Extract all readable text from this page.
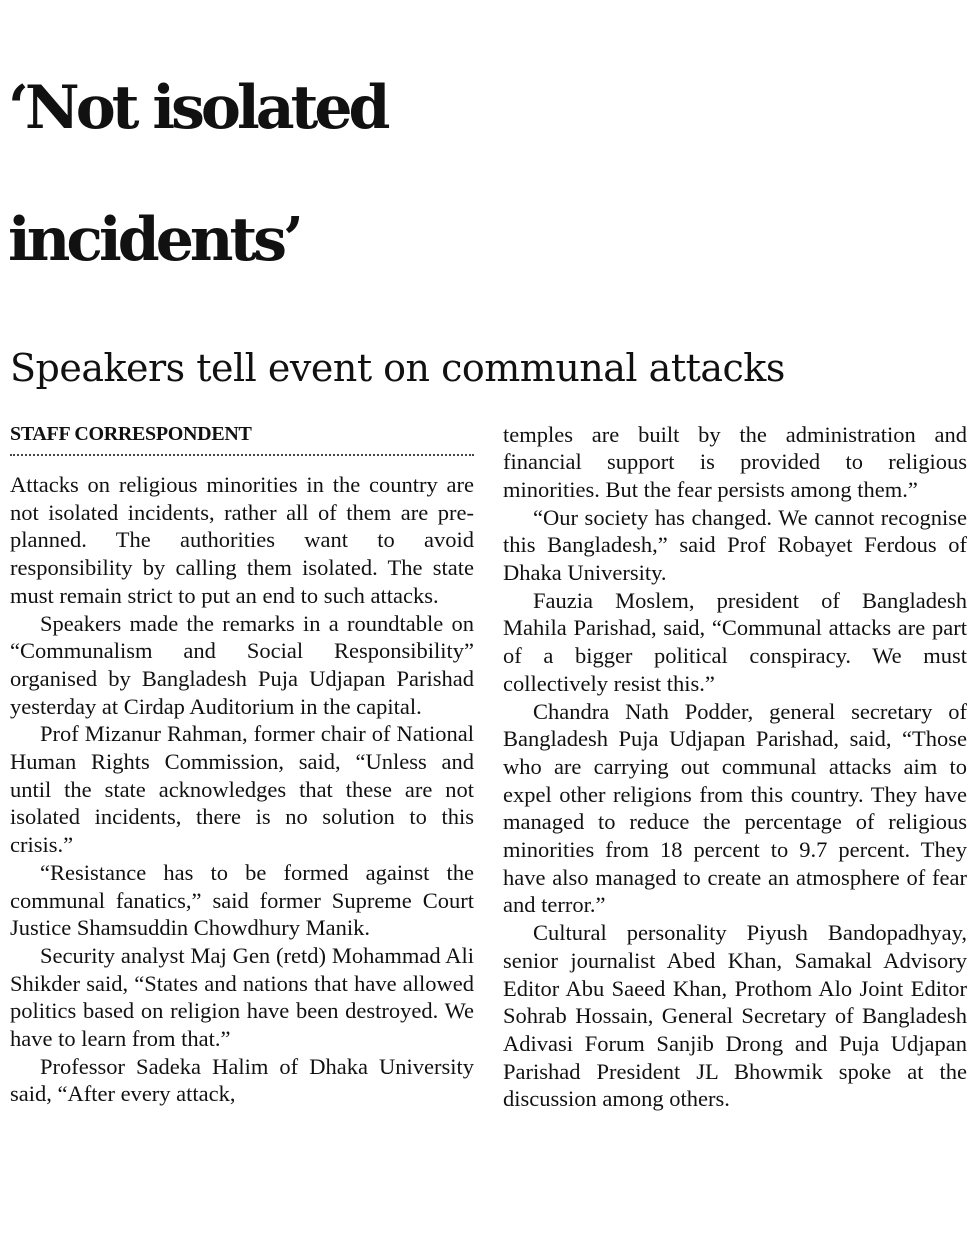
‘Not isolated
incidents’
Speakers tell event on communal attacks

STAFF CORRESPONDENT

Attacks on religious minorities in the country are not isolated incidents, rather all of them are pre-planned. The authorities want to avoid responsibility by calling them isolated. The state must remain strict to put an end to such attacks.

Speakers made the remarks in a roundtable on “Communalism and Social Responsibility” organised by Bangladesh Puja Udjapan Parishad yesterday at Cirdap Auditorium in the capital.

Prof Mizanur Rahman, former chair of National Human Rights Commission, said, “Unless and until the state acknowledges that these are not isolated incidents, there is no solution to this crisis.”

“Resistance has to be formed against the communal fanatics,” said former Supreme Court Justice Shamsuddin Chowdhury Manik.

Security analyst Maj Gen (retd) Mohammad Ali Shikder said, “States and nations that have allowed politics based on religion have been destroyed. We have to learn from that.”

Professor Sadeka Halim of Dhaka University said, “After every attack,

temples are built by the administration and financial support is provided to religious minorities. But the fear persists among them.”

“Our society has changed. We cannot recognise this Bangladesh,” said Prof Robayet Ferdous of Dhaka University.

Fauzia Moslem, president of Bangladesh Mahila Parishad, said, “Communal attacks are part of a bigger political conspiracy. We must collectively resist this.”

Chandra Nath Podder, general secretary of Bangladesh Puja Udjapan Parishad, said, “Those who are carrying out communal attacks aim to expel other religions from this country. They have managed to reduce the percentage of religious minorities from 18 percent to 9.7 percent. They have also managed to create an atmosphere of fear and terror.”

Cultural personality Piyush Bandopadhyay, senior journalist Abed Khan, Samakal Advisory Editor Abu Saeed Khan, Prothom Alo Joint Editor Sohrab Hossain, General Secretary of Bangladesh Adivasi Forum Sanjib Drong and Puja Udjapan Parishad President JL Bhowmik spoke at the discussion among others.
